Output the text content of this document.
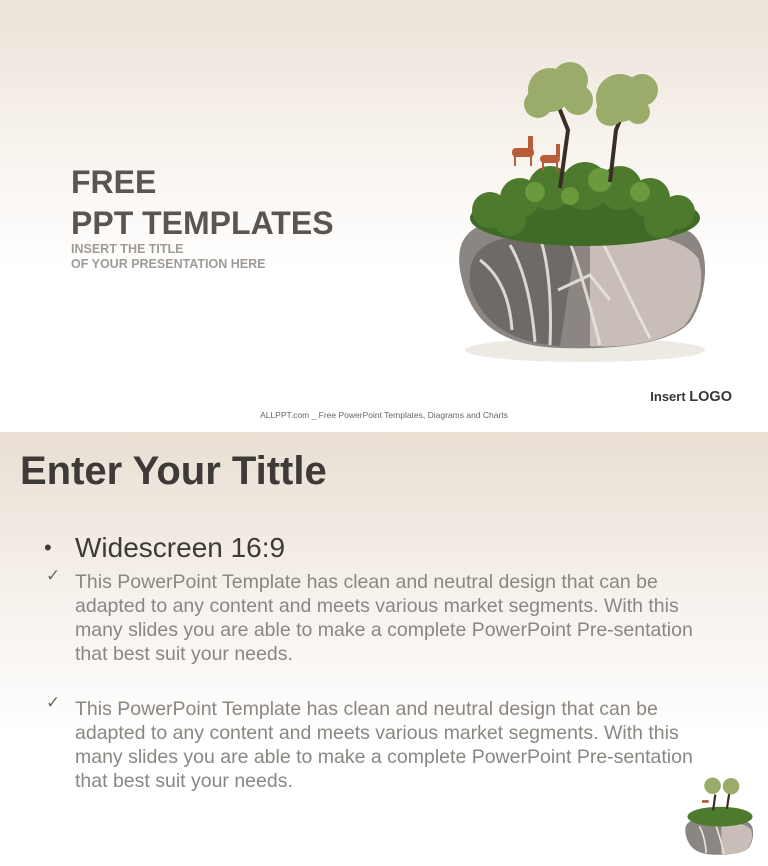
FREE
PPT TEMPLATES
INSERT THE TITLE
OF YOUR PRESENTATION HERE
Insert LOGO
ALLPPT.com _ Free PowerPoint Templates, Diagrams and Charts
Enter Your Tittle
• Widescreen 16:9
✓ This PowerPoint Template has clean and neutral design that can be adapted to any content and meets various market segments. With this many slides you are able to make a complete PowerPoint Pre-sentation that best suit your needs.
✓ This PowerPoint Template has clean and neutral design that can be adapted to any content and meets various market segments. With this many slides you are able to make a complete PowerPoint Pre-sentation that best suit your needs.
